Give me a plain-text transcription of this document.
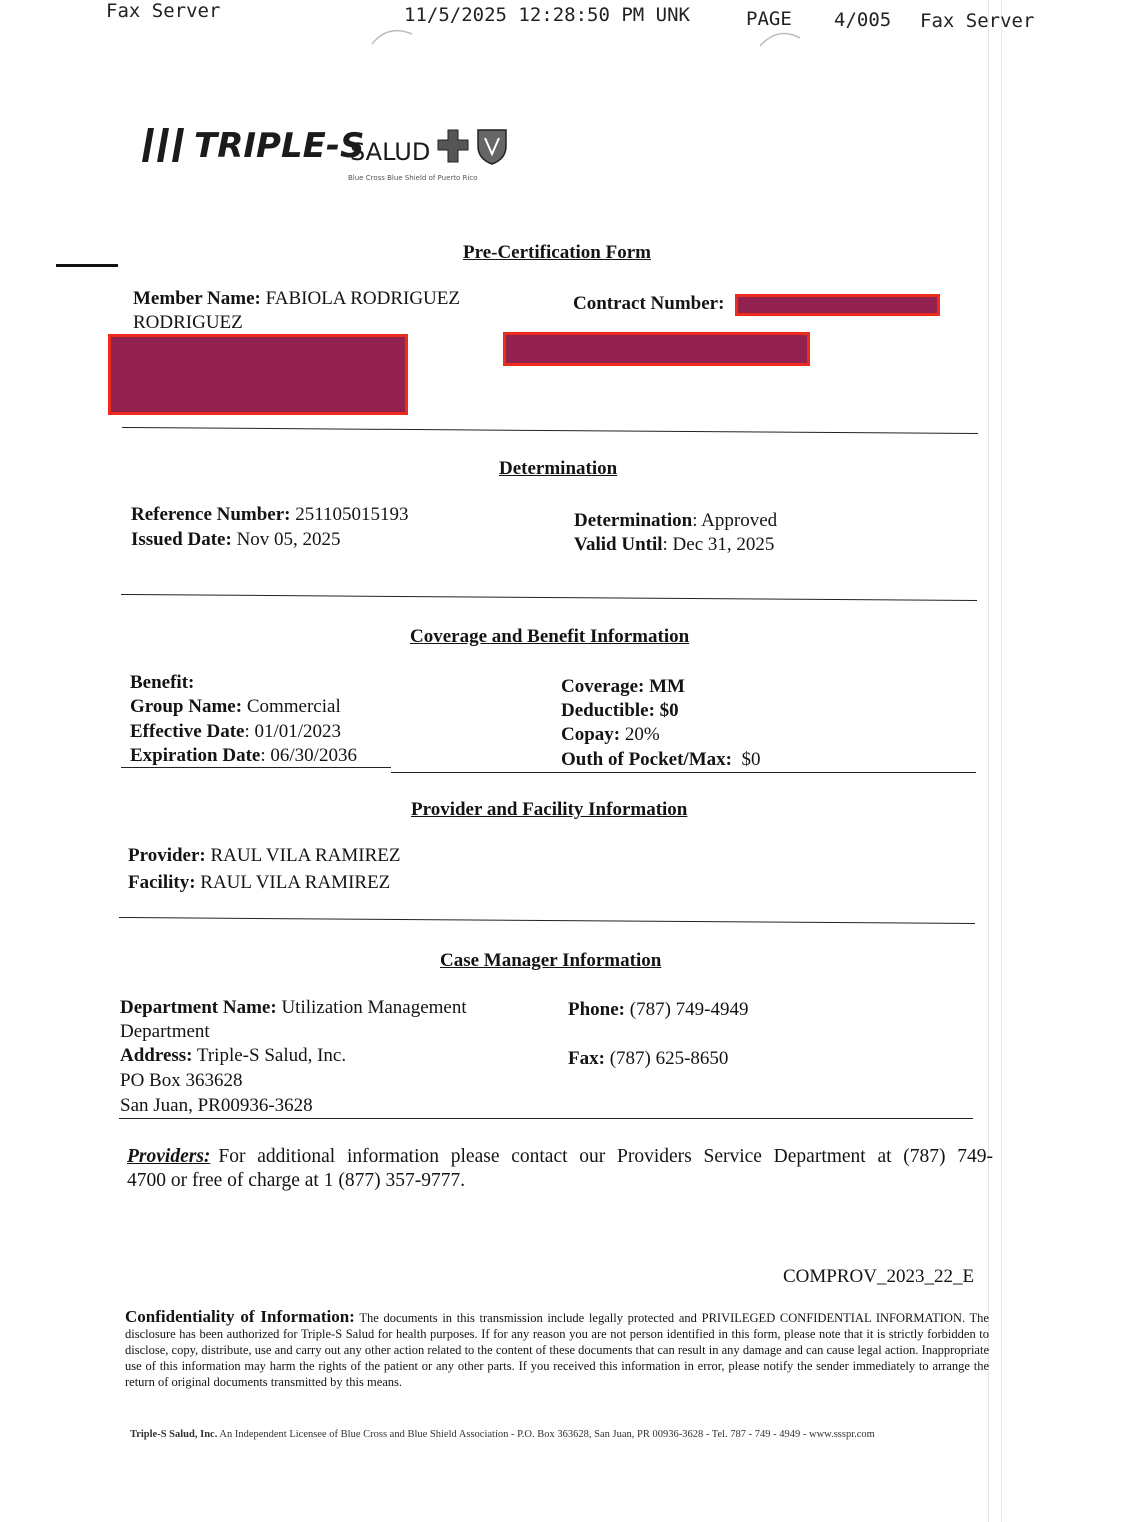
Fax Server	11/5/2025 12:28:50 PM UNK	PAGE 4/005 Fax Server
TRIPLE-S
SALUD
Blue Cross Blue Shield of Puerto Rico
Pre-Certification Form
Member Name: FABIOLA RODRIGUEZ
RODRIGUEZ
Contract Number:
Determination
Reference Number: 251105015193
Issued Date: Nov 05, 2025
Determination: Approved
Valid Until: Dec 31, 2025
Coverage and Benefit Information
Benefit:
Group Name: Commercial
Effective Date: 01/01/2023
Expiration Date: 06/30/2036
Coverage: MM
Deductible: $0
Copay: 20%
Outh of Pocket/Max: $0
Provider and Facility Information
Provider: RAUL VILA RAMIREZ
Facility: RAUL VILA RAMIREZ
Case Manager Information
Department Name: Utilization Management
Department
Address: Triple-S Salud, Inc.
PO Box 363628
San Juan, PR00936-3628
Phone: (787) 749-4949
Fax: (787) 625-8650
Providers: For additional information please contact our Providers Service Department at (787) 749-
4700 or free of charge at 1 (877) 357-9777.
COMPROV_2023_22_E
Confidentiality of Information: The documents in this transmission include legally protected and PRIVILEGED CONFIDENTIAL INFORMATION. The disclosure has been authorized for Triple-S Salud for health purposes. If for any reason you are not person identified in this form, please note that it is strictly forbidden to disclose, copy, distribute, use and carry out any other action related to the content of these documents that can result in any damage and can cause legal action. Inappropriate use of this information may harm the rights of the patient or any other parts. If you received this information in error, please notify the sender immediately to arrange the return of original documents transmitted by this means.
Triple-S Salud, Inc. An Independent Licensee of Blue Cross and Blue Shield Association - P.O. Box 363628, San Juan, PR 00936-3628 - Tel. 787 - 749 - 4949 - www.ssspr.com
